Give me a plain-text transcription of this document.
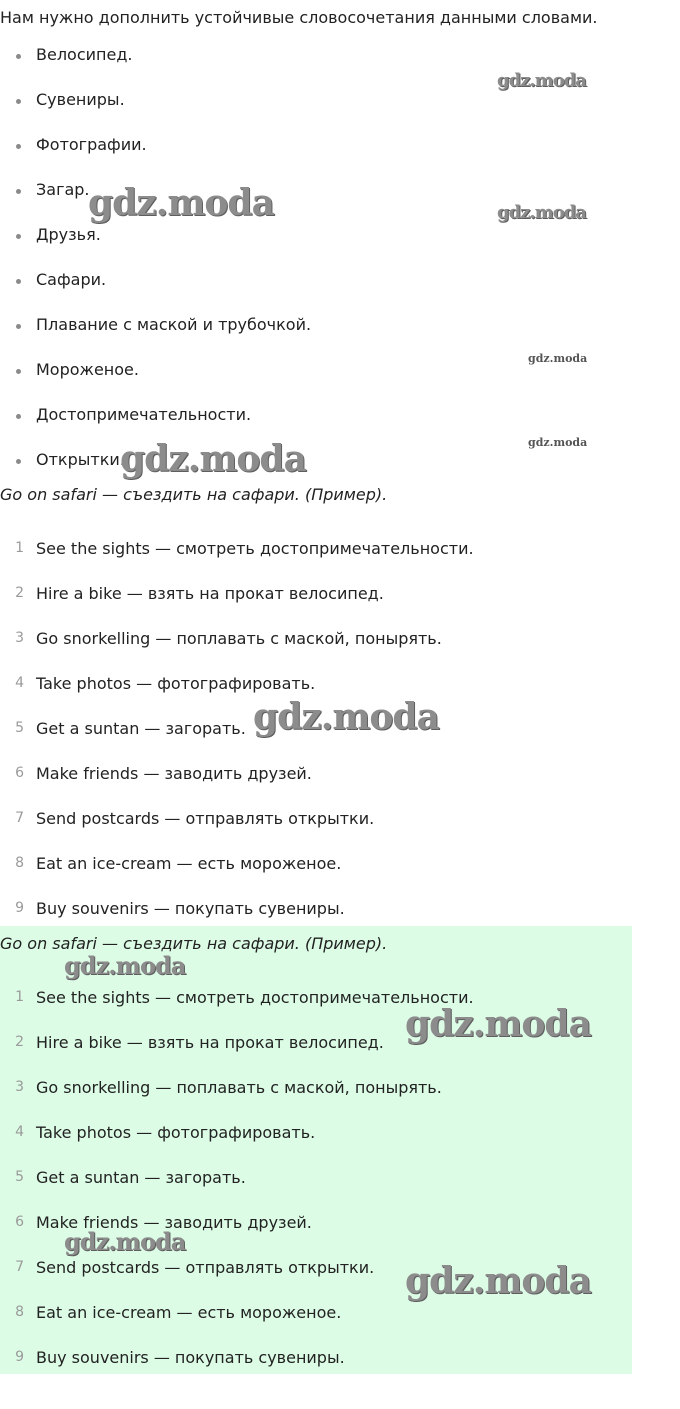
Нам нужно дополнить устойчивые словосочетания данными словами.
Велосипед.
Сувениры.
Фотографии.
Загар.
Друзья.
Сафари.
Плавание с маской и трубочкой.
Мороженое.
Достопримечательности.
Открытки.
Go on safari — съездить на сафари. (Пример).
1 See the sights — смотреть достопримечательности.
2 Hire a bike — взять на прокат велосипед.
3 Go snorkelling — поплавать с маской, понырять.
4 Take photos — фотографировать.
5 Get a suntan — загорать.
6 Make friends — заводить друзей.
7 Send postcards — отправлять открытки.
8 Eat an ice-cream — есть мороженое.
9 Buy souvenirs — покупать сувениры.
Go on safari — съездить на сафари. (Пример).
1 See the sights — смотреть достопримечательности.
2 Hire a bike — взять на прокат велосипед.
3 Go snorkelling — поплавать с маской, понырять.
4 Take photos — фотографировать.
5 Get a suntan — загорать.
6 Make friends — заводить друзей.
7 Send postcards — отправлять открытки.
8 Eat an ice-cream — есть мороженое.
9 Buy souvenirs — покупать сувениры.
gdz.moda
gdz.moda	gdz.moda
gdz.moda
gdz.moda
gdz.moda
gdz.moda
gdz.moda
gdz.moda
gdz.moda
gdz.moda
